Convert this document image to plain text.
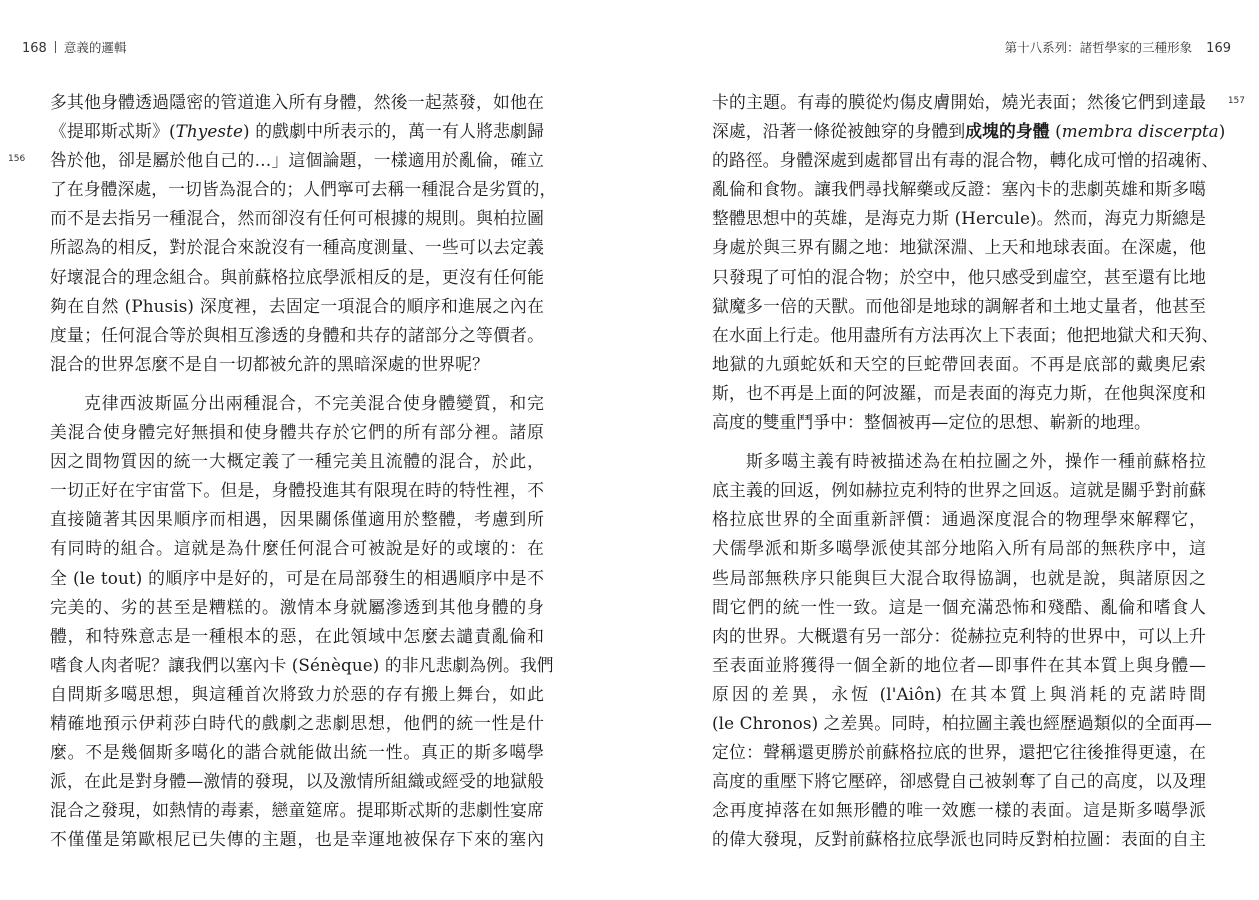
168 意義的邏輯
156
多其他身體透過隱密的管道進入所有身體，然後一起蒸發，如他在
《提耶斯忒斯》(Thyeste) 的戲劇中所表示的，萬一有人將悲劇歸
咎於他，卻是屬於他自己的…」這個論題，一樣適用於亂倫，確立
了在身體深處，一切皆為混合的；人們寧可去稱一種混合是劣質的，
而不是去指另一種混合，然而卻沒有任何可根據的規則。與柏拉圖
所認為的相反，對於混合來說沒有一種高度測量、一些可以去定義
好壞混合的理念組合。與前蘇格拉底學派相反的是，更沒有任何能
夠在自然 (Phusis) 深度裡，去固定一項混合的順序和進展之內在
度量；任何混合等於與相互滲透的身體和共存的諸部分之等價者。
混合的世界怎麼不是自一切都被允許的黑暗深處的世界呢？
克律西波斯區分出兩種混合，不完美混合使身體變質，和完
美混合使身體完好無損和使身體共存於它們的所有部分裡。諸原
因之間物質因的統一大概定義了一種完美且流體的混合，於此，
一切正好在宇宙當下。但是，身體投進其有限現在時的特性裡，不
直接隨著其因果順序而相遇，因果關係僅適用於整體，考慮到所
有同時的組合。這就是為什麼任何混合可被說是好的或壞的：在
全 (le tout) 的順序中是好的，可是在局部發生的相遇順序中是不
完美的、劣的甚至是糟糕的。激情本身就屬滲透到其他身體的身
體，和特殊意志是一種根本的惡，在此領域中怎麼去譴責亂倫和
嗜食人肉者呢？讓我們以塞內卡 (Sénèque) 的非凡悲劇為例。我們
自問斯多噶思想，與這種首次將致力於惡的存有搬上舞台，如此
精確地預示伊莉莎白時代的戲劇之悲劇思想，他們的統一性是什
麼。不是幾個斯多噶化的諧合就能做出統一性。真正的斯多噶學
派，在此是對身體—激情的發現，以及激情所組織或經受的地獄般
混合之發現，如熱情的毒素，戀童筵席。提耶斯忒斯的悲劇性宴席
不僅僅是第歐根尼已失傳的主題，也是幸運地被保存下來的塞內
第十八系列：諸哲學家的三種形象 169
157
卡的主題。有毒的膜從灼傷皮膚開始，燒光表面；然後它們到達最
深處，沿著一條從被蝕穿的身體到成塊的身體 (membra discerpta)
的路徑。身體深處到處都冒出有毒的混合物，轉化成可憎的招魂術、
亂倫和食物。讓我們尋找解藥或反證：塞內卡的悲劇英雄和斯多噶
整體思想中的英雄，是海克力斯 (Hercule)。然而，海克力斯總是
身處於與三界有關之地：地獄深淵、上天和地球表面。在深處，他
只發現了可怕的混合物；於空中，他只感受到虛空，甚至還有比地
獄魔多一倍的天獸。而他卻是地球的調解者和土地丈量者，他甚至
在水面上行走。他用盡所有方法再次上下表面；他把地獄犬和天狗、
地獄的九頭蛇妖和天空的巨蛇帶回表面。不再是底部的戴奧尼索
斯，也不再是上面的阿波羅，而是表面的海克力斯，在他與深度和
高度的雙重鬥爭中：整個被再—定位的思想、嶄新的地理。
斯多噶主義有時被描述為在柏拉圖之外，操作一種前蘇格拉
底主義的回返，例如赫拉克利特的世界之回返。這就是關乎對前蘇
格拉底世界的全面重新評價：通過深度混合的物理學來解釋它，
犬儒學派和斯多噶學派使其部分地陷入所有局部的無秩序中，這
些局部無秩序只能與巨大混合取得協調，也就是說，與諸原因之
間它們的統一性一致。這是一個充滿恐怖和殘酷、亂倫和嗜食人
肉的世界。大概還有另一部分：從赫拉克利特的世界中，可以上升
至表面並將獲得一個全新的地位者—即事件在其本質上與身體—
原因的差異，永恆 (l'Aiôn) 在其本質上與消耗的克諾時間
(le Chronos) 之差異。同時，柏拉圖主義也經歷過類似的全面再—
定位：聲稱還更勝於前蘇格拉底的世界，還把它往後推得更遠，在
高度的重壓下將它壓碎，卻感覺自己被剝奪了自己的高度，以及理
念再度掉落在如無形體的唯一效應一樣的表面。這是斯多噶學派
的偉大發現，反對前蘇格拉底學派也同時反對柏拉圖：表面的自主
